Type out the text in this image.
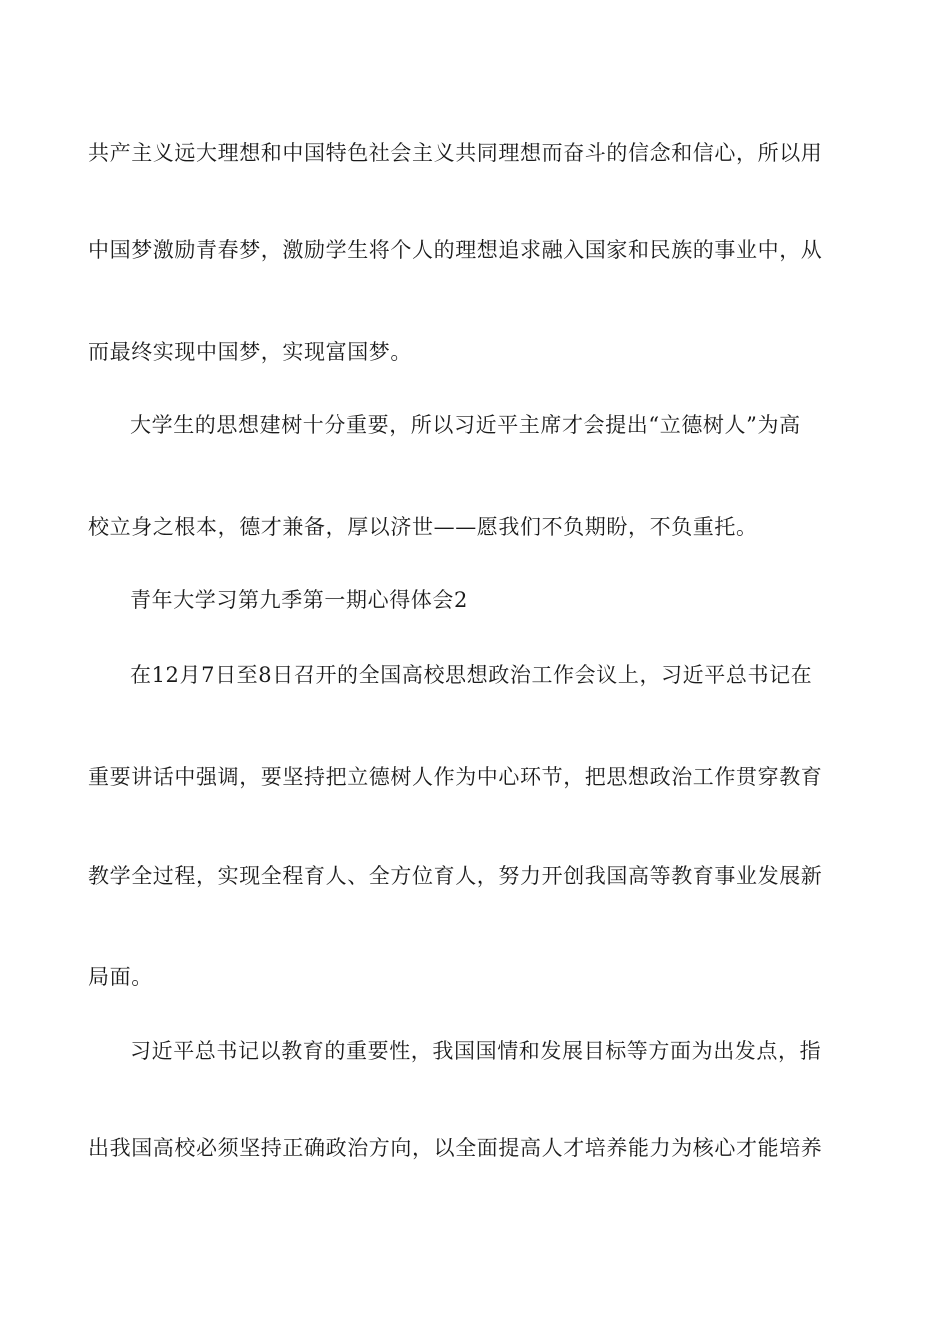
共产主义远大理想和中国特色社会主义共同理想而奋斗的信念和信心，所以用
中国梦激励青春梦，激励学生将个人的理想追求融入国家和民族的事业中，从
而最终实现中国梦，实现富国梦。
大学生的思想建树十分重要，所以习近平主席才会提出“立德树人”为高
校立身之根本，德才兼备，厚以济世——愿我们不负期盼，不负重托。
青年大学习第九季第一期心得体会2
在12月7日至8日召开的全国高校思想政治工作会议上，习近平总书记在
重要讲话中强调，要坚持把立德树人作为中心环节，把思想政治工作贯穿教育
教学全过程，实现全程育人、全方位育人，努力开创我国高等教育事业发展新
局面。
习近平总书记以教育的重要性，我国国情和发展目标等方面为出发点，指
出我国高校必须坚持正确政治方向，以全面提高人才培养能力为核心才能培养
